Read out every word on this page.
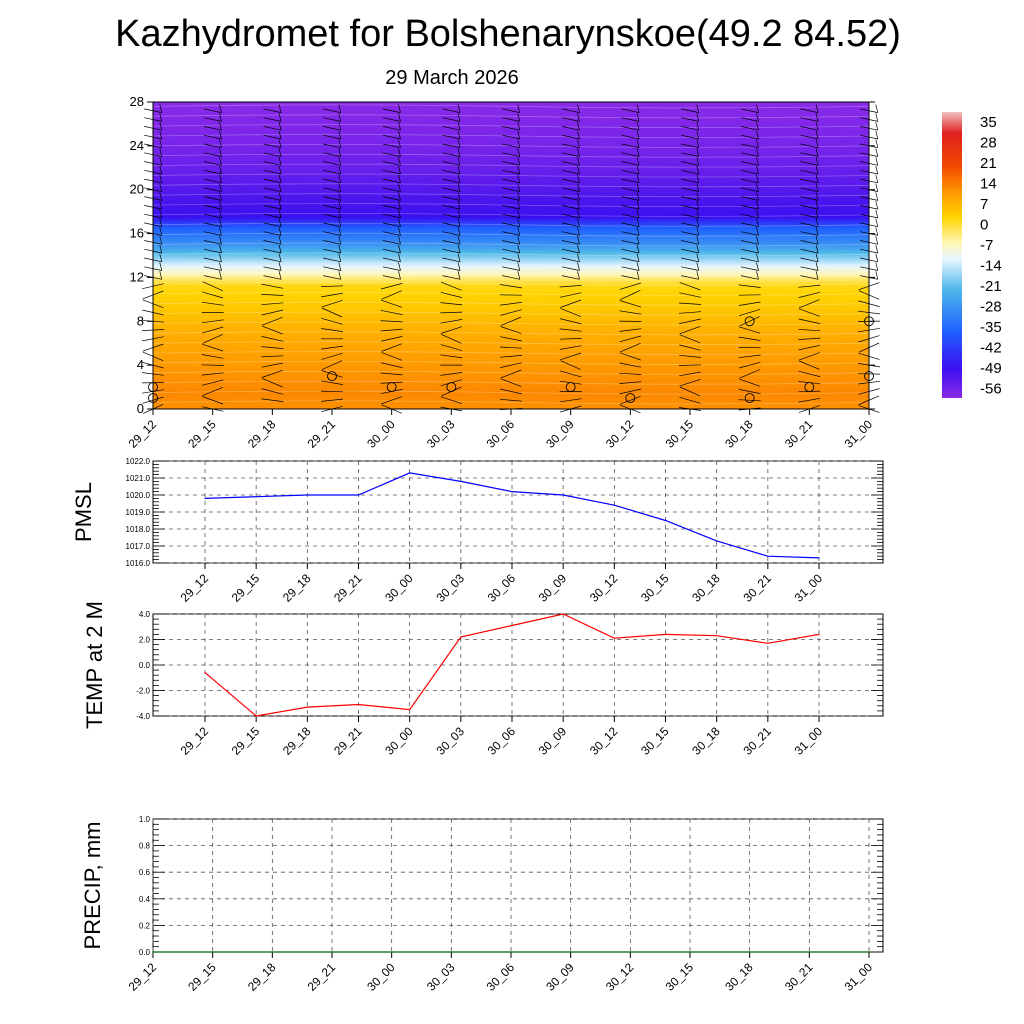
Kazhydromet for Bolshenarynskoe(49.2 84.52)
29 March 2026
0
4
8
12
16
20
24
28
29_12 29_15 29_18 29_21 30_00 30_03 30_06 30_09 30_12 30_15 30_18 30_21 31_00
35
28
21
14
7
0
-7
-14
-21
-28
-35
-42
-49
-56
1016.0
1017.0
1018.0
1019.0
1020.0
1021.0
1022.0
29_12 29_15 29_18 29_21 30_00 30_03 30_06 30_09 30_12 30_15 30_18 30_21 31_00
PMSL
-4.0
-2.0
0.0
2.0
4.0
29_12 29_15 29_18 29_21 30_00 30_03 30_06 30_09 30_12 30_15 30_18 30_21 31_00
TEMP at 2 M
0.0
0.2
0.4
0.6
0.8
1.0
29_12 29_15 29_18 29_21 30_00 30_03 30_06 30_09 30_12 30_15 30_18 30_21 31_00
PRECIP, mm
